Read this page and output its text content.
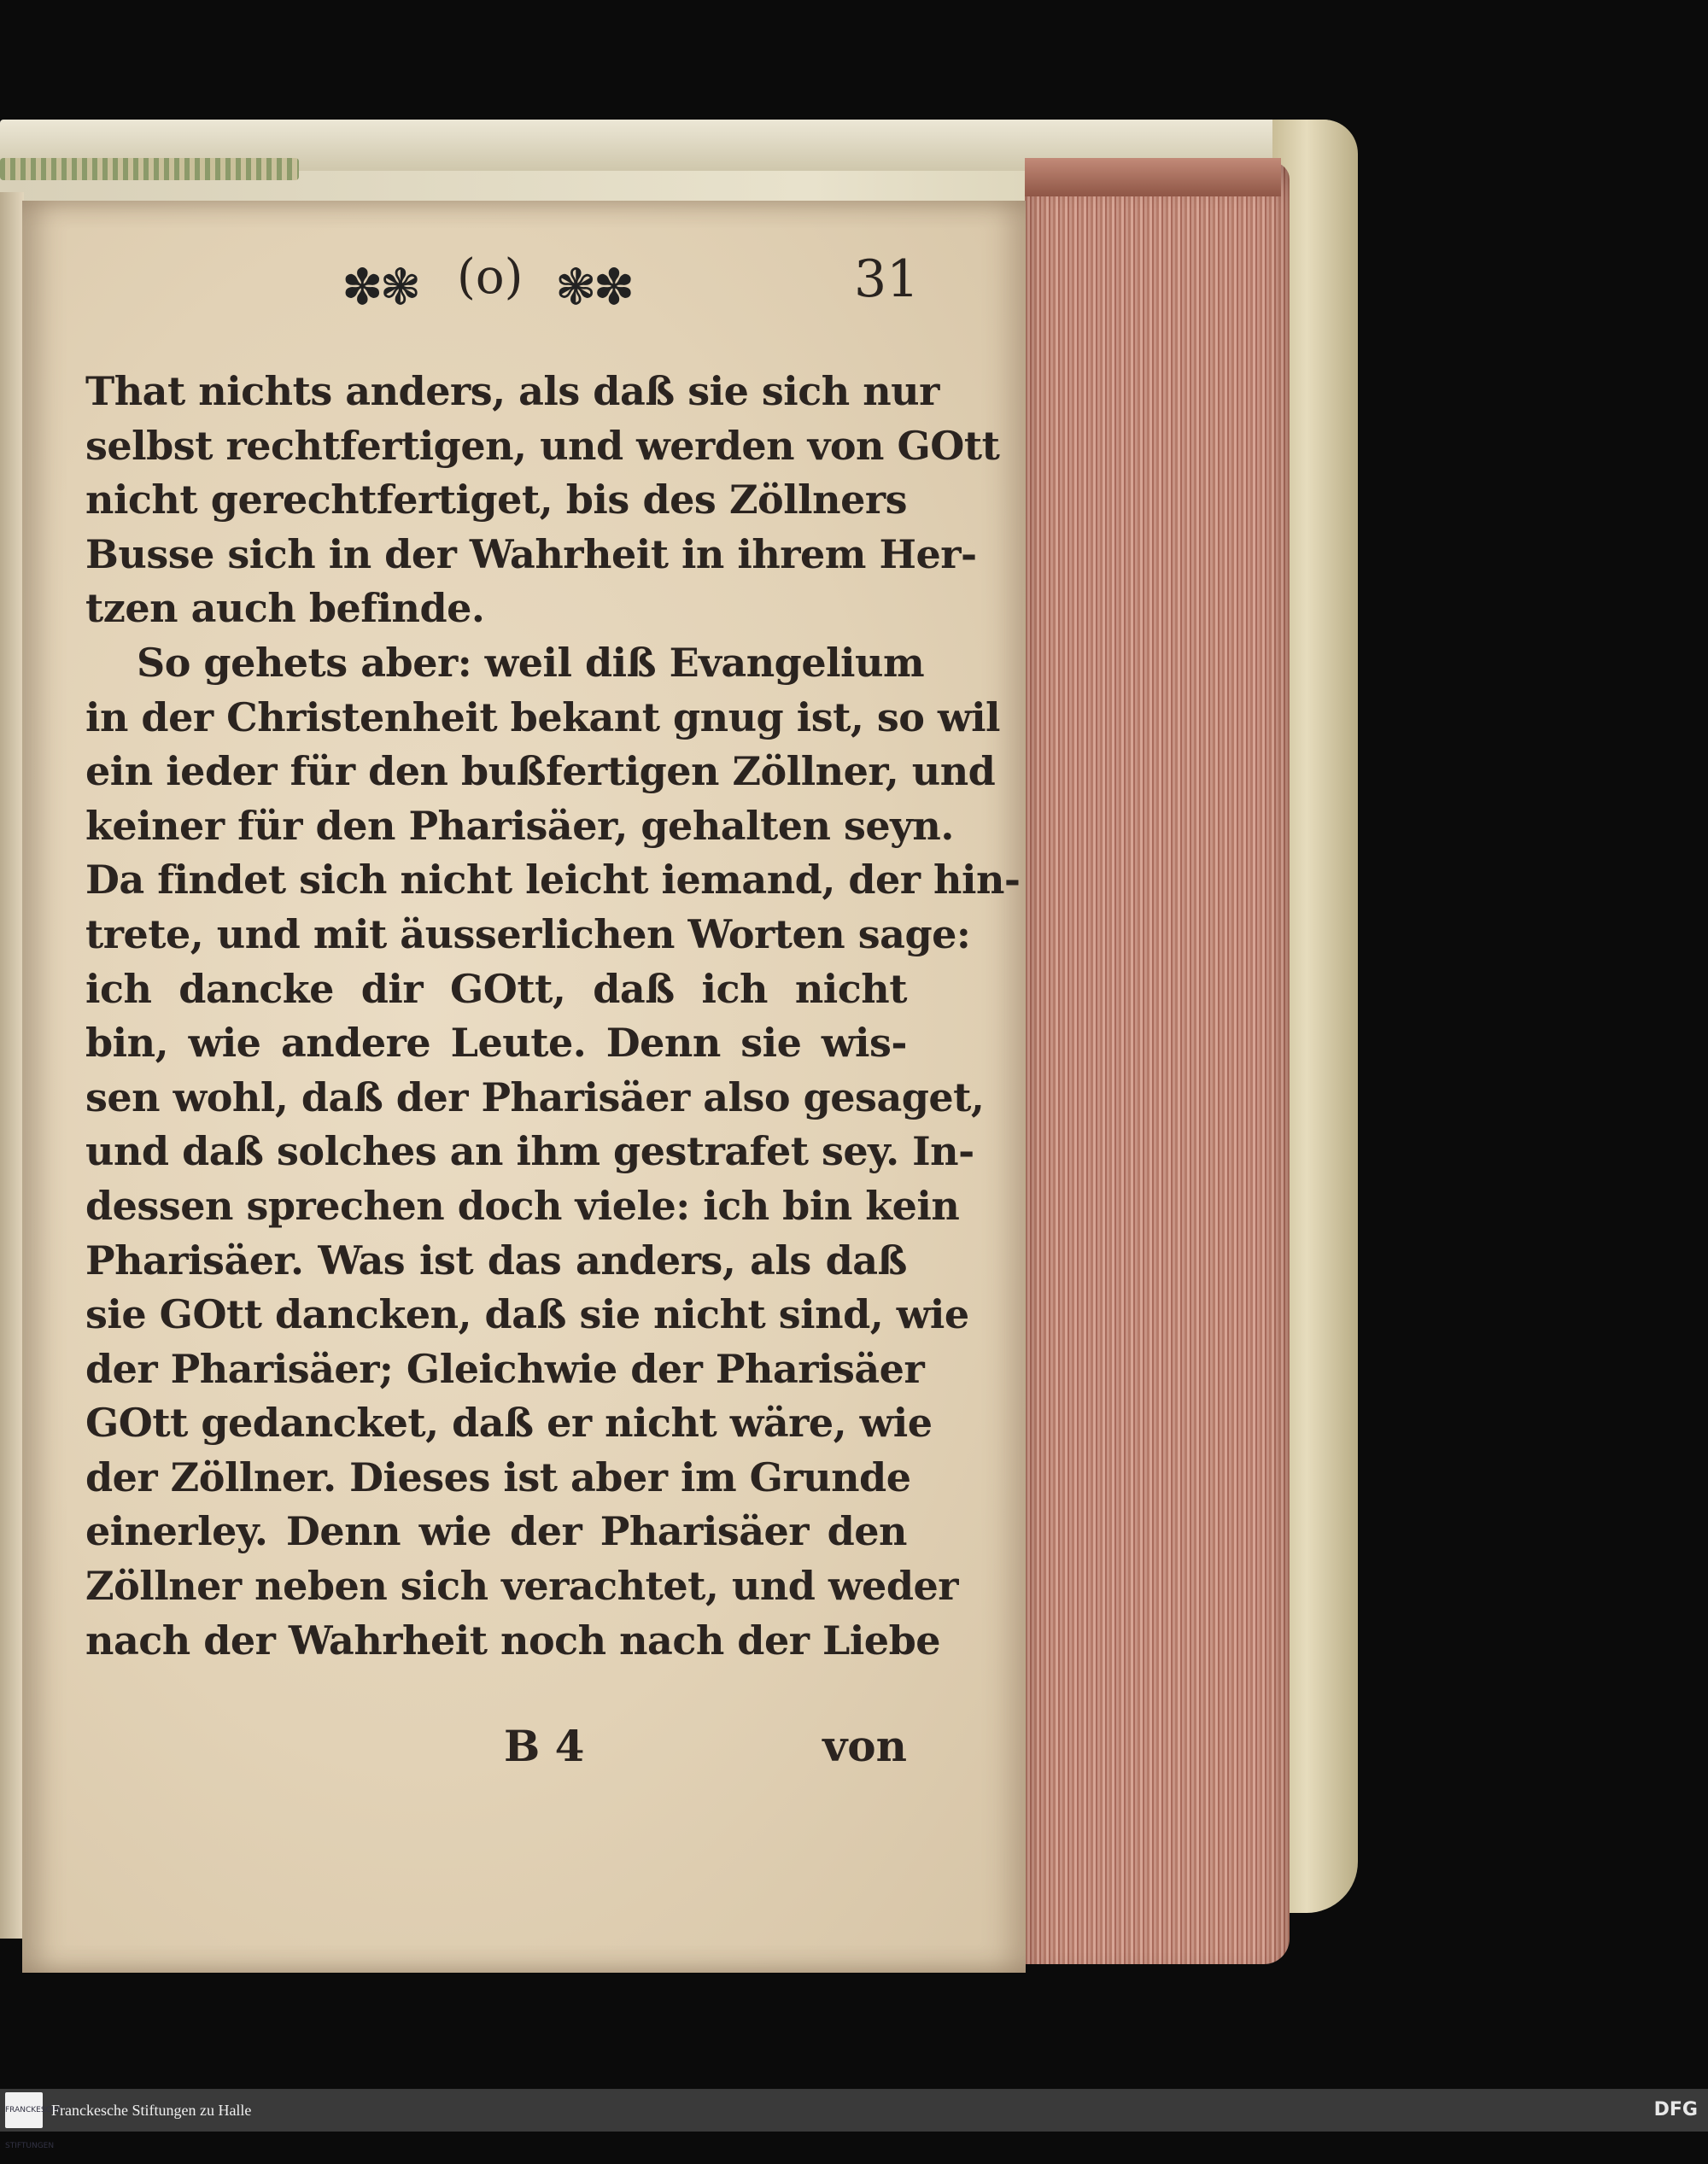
✽❃ (o) ❃✽	31
That nichts anders, als daß sie sich nur
selbst rechtfertigen, und werden von GOtt
nicht gerechtfertiget, bis des Zöllners
Busse sich in der Wahrheit in ihrem Her-
tzen auch befinde.
So gehets aber: weil diß Evangelium
in der Christenheit bekant gnug ist, so wil
ein ieder für den bußfertigen Zöllner, und
keiner für den Pharisäer, gehalten seyn.
Da findet sich nicht leicht iemand, der hin-
trete, und mit äusserlichen Worten sage:
ich dancke dir GOtt, daß ich nicht
bin, wie andere Leute. Denn sie wis-
sen wohl, daß der Pharisäer also gesaget,
und daß solches an ihm gestrafet sey. In-
dessen sprechen doch viele: ich bin kein
Pharisäer. Was ist das anders, als daß
sie GOtt dancken, daß sie nicht sind, wie
der Pharisäer; Gleichwie der Pharisäer
GOtt gedancket, daß er nicht wäre, wie
der Zöllner. Dieses ist aber im Grunde
einerley. Denn wie der Pharisäer den
Zöllner neben sich verachtet, und weder
nach der Wahrheit noch nach der Liebe
B 4	von
FRANCKESCHE STIFTUNGEN
Franckesche Stiftungen zu Halle	DFG
